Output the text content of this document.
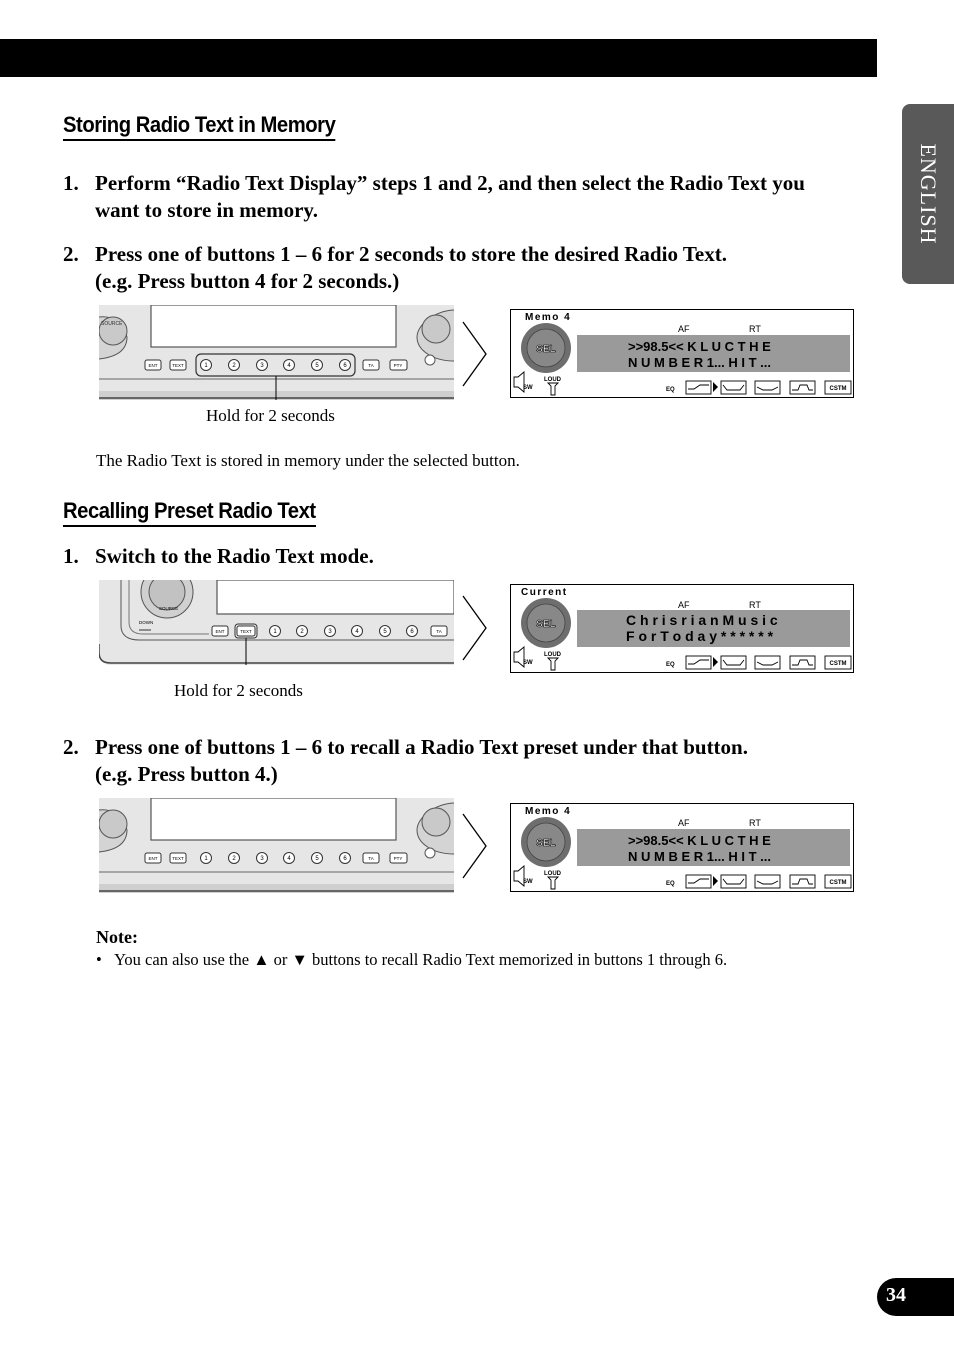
ENGLISH
Storing Radio Text in Memory
1. Perform “Radio Text Display” steps 1 and 2, and then select the Radio Text you want to store in memory.
2. Press one of buttons 1 – 6 for 2 seconds to store the desired Radio Text.
(e.g. Press button 4 for 2 seconds.)
SOURCE
ENT	TEXT	1	2	3	4	5	6	TA	PTY
Hold for 2 seconds
Memo 4
AF	RT
>>98.5<< K L U C T H E
N U M B E R 1... H I T ...
SEL
SW
LOUD
EQ	CSTM
The Radio Text is stored in memory under the selected button.
Recalling Preset Radio Text
1. Switch to the Radio Text mode.
SOURCE
DOWN
ENT	TEXT	1	2	3	4	5	6	TA
Hold for 2 seconds
Current
AF	RT
C h r i s r i a n M u s i c
F o r T o d a y * * * * * *
SEL
SW
LOUD
EQ	CSTM
2. Press one of buttons 1 – 6 to recall a Radio Text preset under that button.
(e.g. Press button 4.)
ENT	TEXT	1	2	3	4	5	6	TA	PTY
Memo 4
AF	RT
>>98.5<< K L U C T H E
N U M B E R 1... H I T ...
SEL
SW
LOUD
EQ	CSTM
Note:
• You can also use the ▲ or ▼ buttons to recall Radio Text memorized in buttons 1 through 6.
34
